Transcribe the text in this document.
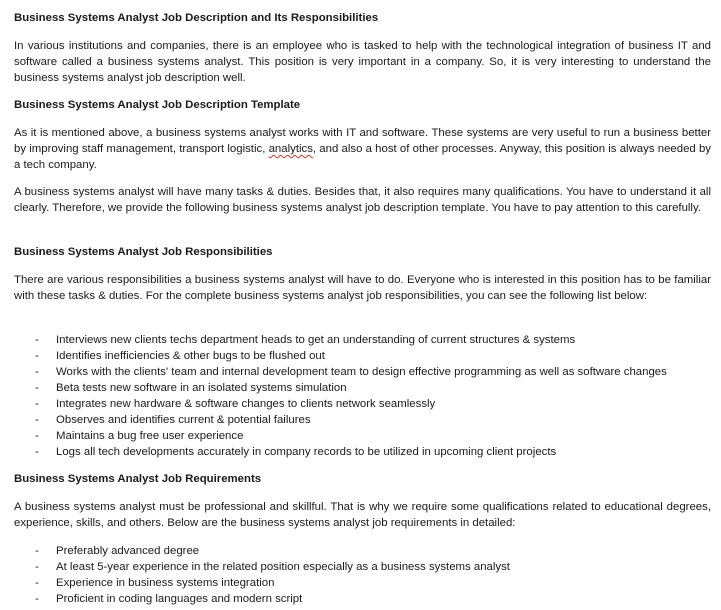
Business Systems Analyst Job Description and Its Responsibilities

In various institutions and companies, there is an employee who is tasked to help with the technological integration of business IT and software called a business systems analyst. This position is very important in a company. So, it is very interesting to understand the business systems analyst job description well.

Business Systems Analyst Job Description Template

As it is mentioned above, a business systems analyst works with IT and software. These systems are very useful to run a business better by improving staff management, transport logistic, analytics, and also a host of other processes. Anyway, this position is always needed by a tech company.

A business systems analyst will have many tasks & duties. Besides that, it also requires many qualifications. You have to understand it all clearly. Therefore, we provide the following business systems analyst job description template. You have to pay attention to this carefully.

Business Systems Analyst Job Responsibilities

There are various responsibilities a business systems analyst will have to do. Everyone who is interested in this position has to be familiar with these tasks & duties. For the complete business systems analyst job responsibilities, you can see the following list below:

- Interviews new clients techs department heads to get an understanding of current structures & systems
- Identifies inefficiencies & other bugs to be flushed out
- Works with the clients' team and internal development team to design effective programming as well as software changes
- Beta tests new software in an isolated systems simulation
- Integrates new hardware & software changes to clients network seamlessly
- Observes and identifies current & potential failures
- Maintains a bug free user experience
- Logs all tech developments accurately in company records to be utilized in upcoming client projects
Business Systems Analyst Job Requirements

A business systems analyst must be professional and skillful. That is why we require some qualifications related to educational degrees, experience, skills, and others. Below are the business systems analyst job requirements in detailed:

- Preferably advanced degree
- At least 5-year experience in the related position especially as a business systems analyst
- Experience in business systems integration
- Proficient in coding languages and modern script
